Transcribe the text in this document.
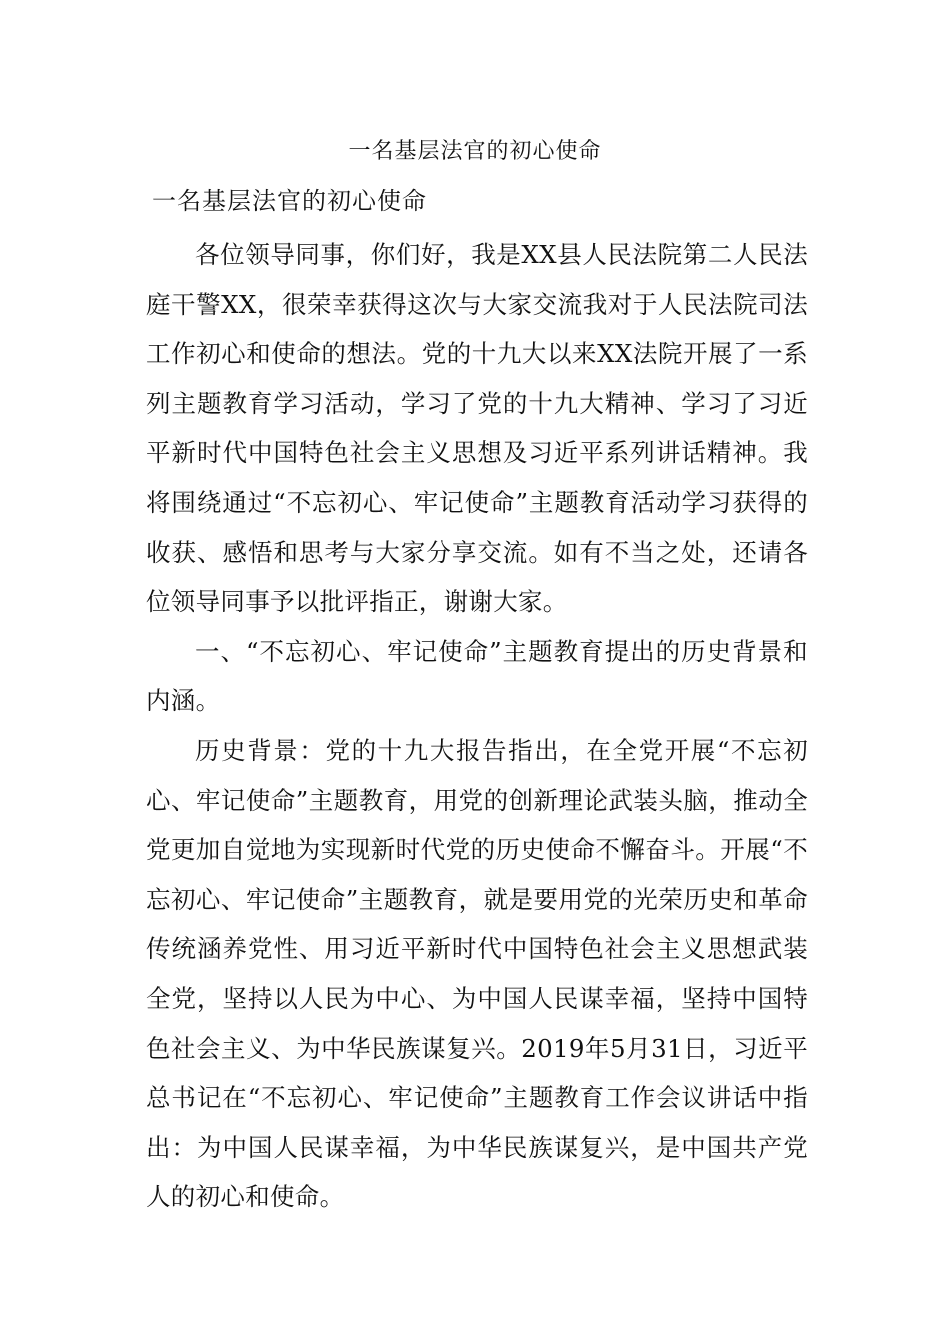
一名基层法官的初心使命
一名基层法官的初心使命

各位领导同事，你们好，我是XX县人民法院第二人民法庭干警XX，很荣幸获得这次与大家交流我对于人民法院司法工作初心和使命的想法。党的十九大以来XX法院开展了一系列主题教育学习活动，学习了党的十九大精神、学习了习近平新时代中国特色社会主义思想及习近平系列讲话精神。我将围绕通过“不忘初心、牢记使命”主题教育活动学习获得的收获、感悟和思考与大家分享交流。如有不当之处，还请各位领导同事予以批评指正，谢谢大家。

一、“不忘初心、牢记使命”主题教育提出的历史背景和内涵。

历史背景：党的十九大报告指出，在全党开展“不忘初心、牢记使命”主题教育，用党的创新理论武装头脑，推动全党更加自觉地为实现新时代党的历史使命不懈奋斗。开展“不忘初心、牢记使命”主题教育，就是要用党的光荣历史和革命传统涵养党性、用习近平新时代中国特色社会主义思想武装全党，坚持以人民为中心、为中国人民谋幸福，坚持中国特色社会主义、为中华民族谋复兴。2019年5月31日，习近平总书记在“不忘初心、牢记使命”主题教育工作会议讲话中指出：为中国人民谋幸福，为中华民族谋复兴，是中国共产党人的初心和使命。
